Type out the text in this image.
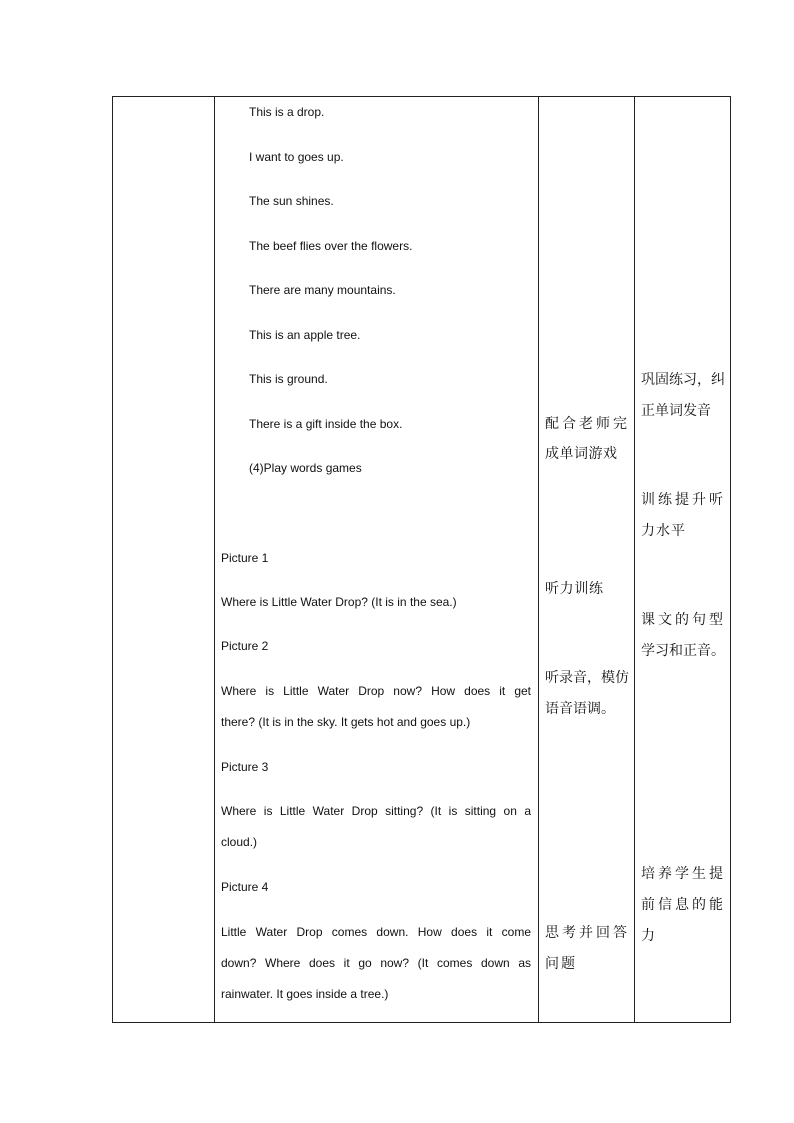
This is a drop.
I want to goes up.
The sun shines.
The beef flies over the flowers.
There are many mountains.
This is an apple tree.
This is ground.
There is a gift inside the box.
(4)Play words games
Picture 1
Where is Little Water Drop? (It is in the sea.)
Picture 2
Where is Little Water Drop now? How does it get
there? (It is in the sky. It gets hot and goes up.)
Picture 3
Where is Little Water Drop sitting? (It is sitting on a
cloud.)
Picture 4
Little Water Drop comes down. How does it come
down? Where does it go now? (It comes down as
rainwater. It goes inside a tree.)
配合老师完
成单词游戏
听力训练
听录音，模仿
语音语调。
思考并回答
问题
巩固练习，纠
正单词发音
训练提升听
力水平
课文的句型
学习和正音。
培养学生提
前信息的能
力
